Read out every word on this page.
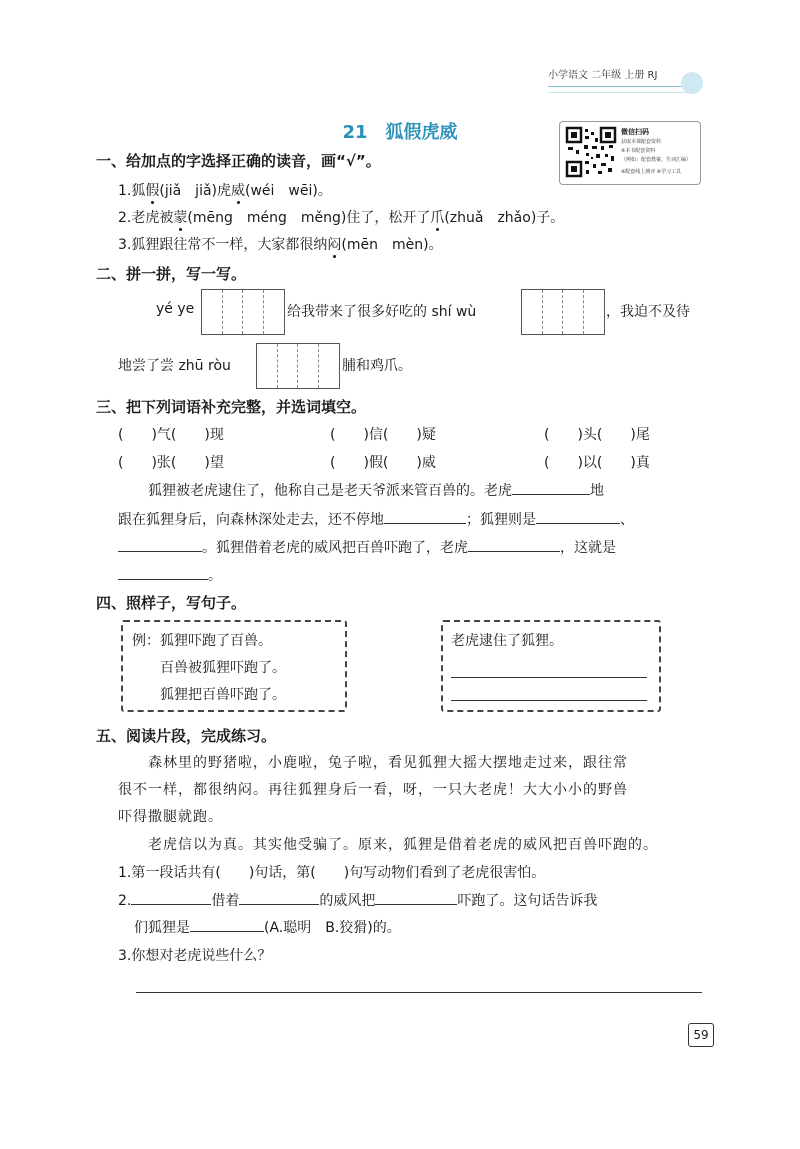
小学语文 二年级 上册 RJ
21　狐假虎威	微信扫码
获取本课配套资料
※本书配套资料
（例如：配套教案、生词汇编）
※配套线上测评 ※学习工具
一、给加点的字选择正确的读音，画“√”。
1.狐假(jiǎ　jiǎ)虎威(wéi　wēi)。
2.老虎被蒙(mēng　méng　měng)住了，松开了爪(zhuǎ　zhǎo)子。
3.狐狸跟往常不一样，大家都很纳闷(mēn　mèn)。
二、拼一拼，写一写。
yé ye	给我带来了很多好吃的 shí wù	，我迫不及待
地尝了尝 zhū ròu	脯和鸡爪。
三、把下列词语补充完整，并选词填空。
(　　)气(　　)现	(　　)信(　　)疑	(　　)头(　　)尾
(　　)张(　　)望	(　　)假(　　)威	(　　)以(　　)真
狐狸被老虎逮住了，他称自己是老天爷派来管百兽的。老虎	地
跟在狐狸身后，向森林深处走去，还不停地	；狐狸则是	、
。狐狸借着老虎的威风把百兽吓跑了，老虎	，这就是
。
四、照样子，写句子。
例：狐狸吓跑了百兽。
百兽被狐狸吓跑了。
狐狸把百兽吓跑了。
老虎逮住了狐狸。
五、阅读片段，完成练习。
森林里的野猪啦，小鹿啦，兔子啦，看见狐狸大摇大摆地走过来，跟往常
很不一样，都很纳闷。再往狐狸身后一看，呀，一只大老虎！大大小小的野兽
吓得撒腿就跑。
老虎信以为真。其实他受骗了。原来，狐狸是借着老虎的威风把百兽吓跑的。
1.第一段话共有(　　)句话，第(　　)句写动物们看到了老虎很害怕。
2.	借着	的威风把	吓跑了。这句话告诉我
们狐狸是	(A.聪明　B.狡猾)的。
3.你想对老虎说些什么？
59
